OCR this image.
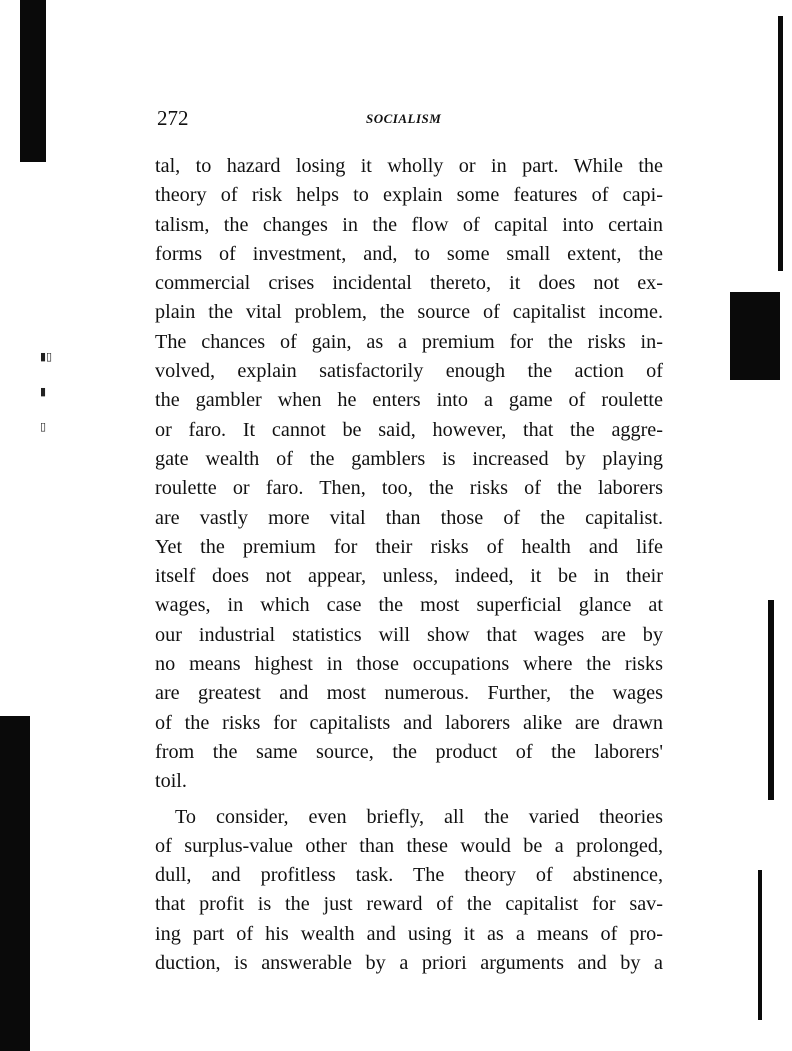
▮▯
▮
▯
272	SOCIALISM

tal, to hazard losing it wholly or in part. While the
theory of risk helps to explain some features of capi-
talism, the changes in the flow of capital into certain
forms of investment, and, to some small extent, the
commercial crises incidental thereto, it does not ex-
plain the vital problem, the source of capitalist income.
The chances of gain, as a premium for the risks in-
volved, explain satisfactorily enough the action of
the gambler when he enters into a game of roulette
or faro. It cannot be said, however, that the aggre-
gate wealth of the gamblers is increased by playing
roulette or faro. Then, too, the risks of the laborers
are vastly more vital than those of the capitalist.
Yet the premium for their risks of health and life
itself does not appear, unless, indeed, it be in their
wages, in which case the most superficial glance at
our industrial statistics will show that wages are by
no means highest in those occupations where the risks
are greatest and most numerous. Further, the wages
of the risks for capitalists and laborers alike are drawn
from the same source, the product of the laborers'
toil.

To consider, even briefly, all the varied theories
of surplus-value other than these would be a prolonged,
dull, and profitless task. The theory of abstinence,
that profit is the just reward of the capitalist for sav-
ing part of his wealth and using it as a means of pro-
duction, is answerable by a priori arguments and by a
